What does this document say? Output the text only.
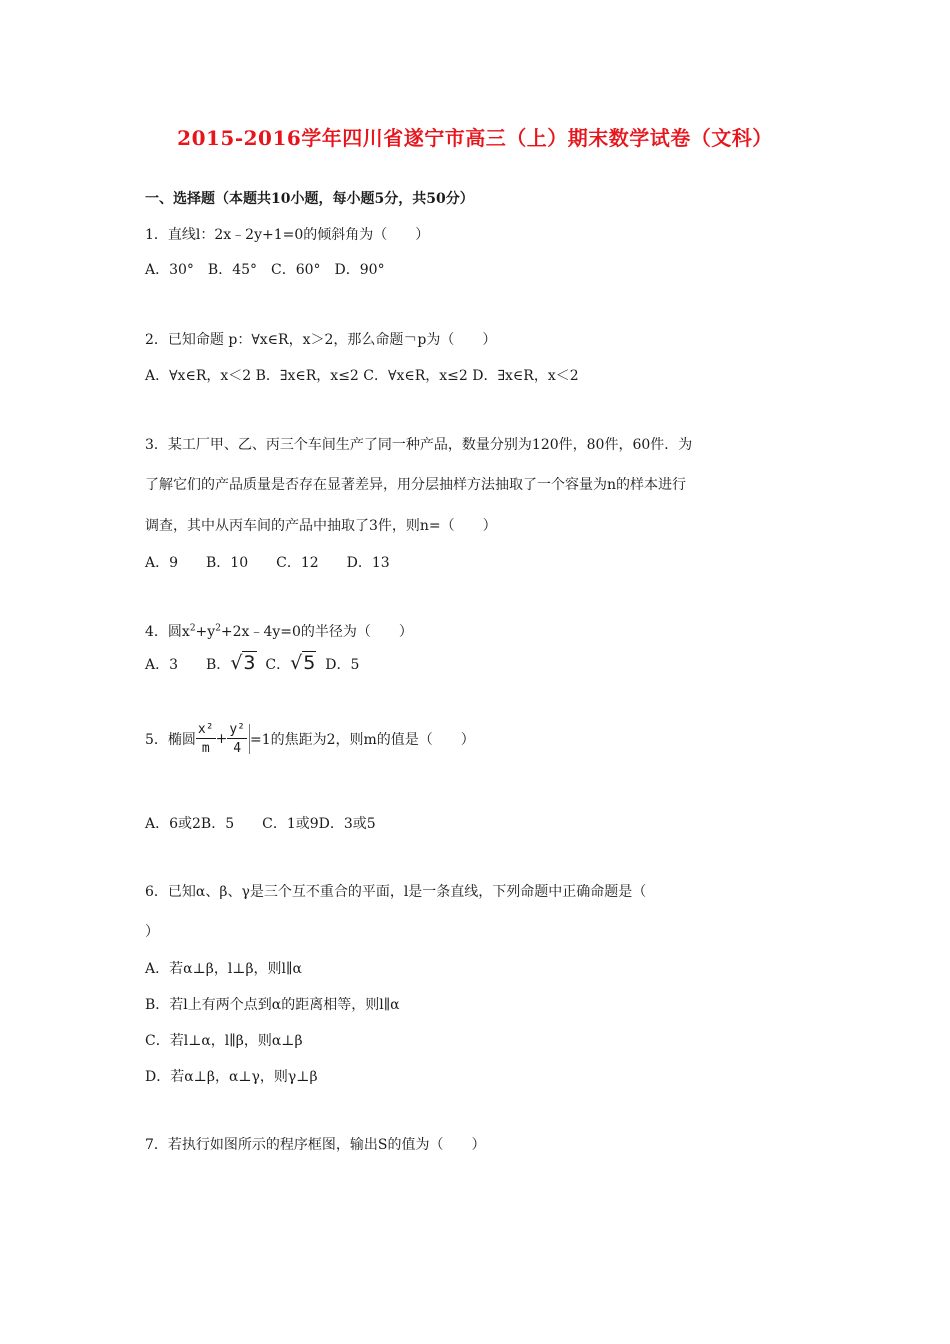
2015-2016学年四川省遂宁市高三（上）期末数学试卷（文科）
一、选择题（本题共10小题，每小题5分，共50分）
1．直线l：2x﹣2y+1=0的倾斜角为（　　）
A．30°　B．45°　C．60°　D．90°
2．已知命题 p：∀x∈R，x＞2，那么命题￢p为（　　）
A．∀x∈R，x＜2 B．∃x∈R，x≤2 C．∀x∈R，x≤2 D．∃x∈R，x＜2
3．某工厂甲、乙、丙三个车间生产了同一种产品，数量分别为120件，80件，60件．为
了解它们的产品质量是否存在显著差异，用分层抽样方法抽取了一个容量为n的样本进行
调查，其中从丙车间的产品中抽取了3件，则n=（　　）
A．9　　B．10　　C．12　　D．13
4．圆$x^2+y^2+2x﹣4y=0$的半径为（　　）
A．3　　B．√3 C．√5 D．5
5．椭圆 $\frac{\text{x²}}{m} + \frac{\text{y²}}{4} =1$的焦距为2，则m的值是（　　）
A．6或2B．5　　C．1或9D．3或5
6．已知α、β、γ是三个互不重合的平面，l是一条直线，下列命题中正确命题是（
）
A．若α⊥β，l⊥β，则l∥α
B．若l上有两个点到α的距离相等，则l∥α
C．若l⊥α，l∥β，则α⊥β
D．若α⊥β，α⊥γ，则γ⊥β
7．若执行如图所示的程序框图，输出S的值为（　　）
